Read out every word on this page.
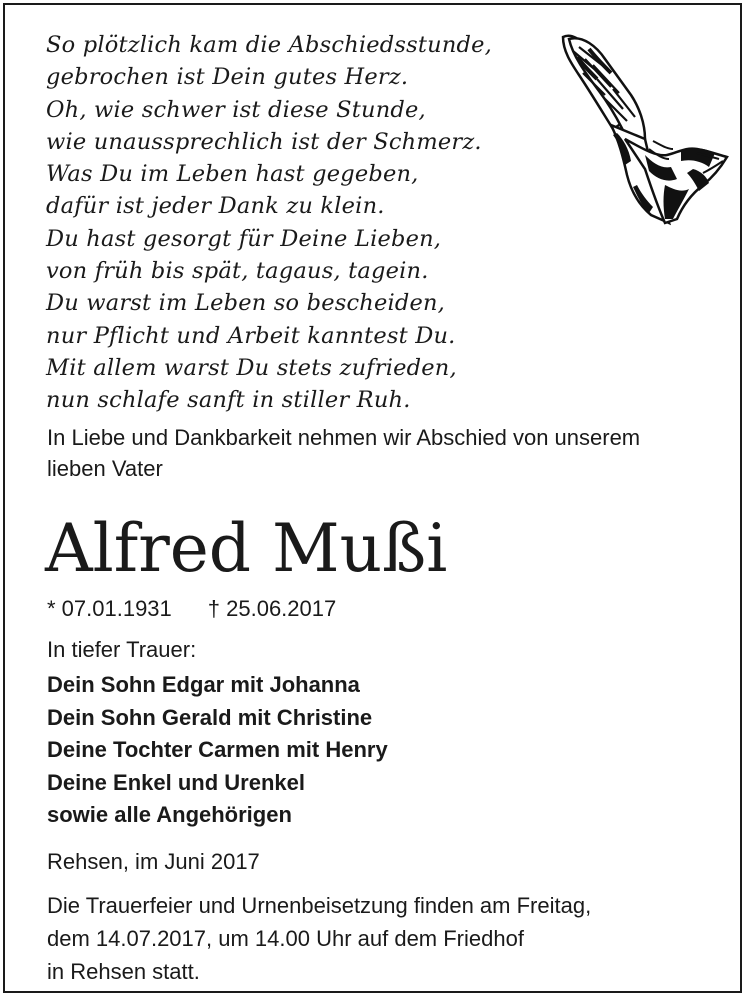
So plötzlich kam die Abschiedsstunde,
gebrochen ist Dein gutes Herz.
Oh, wie schwer ist diese Stunde,
wie unaussprechlich ist der Schmerz.
Was Du im Leben hast gegeben,
dafür ist jeder Dank zu klein.
Du hast gesorgt für Deine Lieben,
von früh bis spät, tagaus, tagein.
Du warst im Leben so bescheiden,
nur Pflicht und Arbeit kanntest Du.
Mit allem warst Du stets zufrieden,
nun schlafe sanft in stiller Ruh.
In Liebe und Dankbarkeit nehmen wir Abschied von unserem lieben Vater
Alfred Mußi
* 07.01.1931 † 25.06.2017
In tiefer Trauer:
Dein Sohn Edgar mit Johanna
Dein Sohn Gerald mit Christine
Deine Tochter Carmen mit Henry
Deine Enkel und Urenkel
sowie alle Angehörigen
Rehsen, im Juni 2017
Die Trauerfeier und Urnenbeisetzung finden am Freitag,
dem 14.07.2017, um 14.00 Uhr auf dem Friedhof
in Rehsen statt.
